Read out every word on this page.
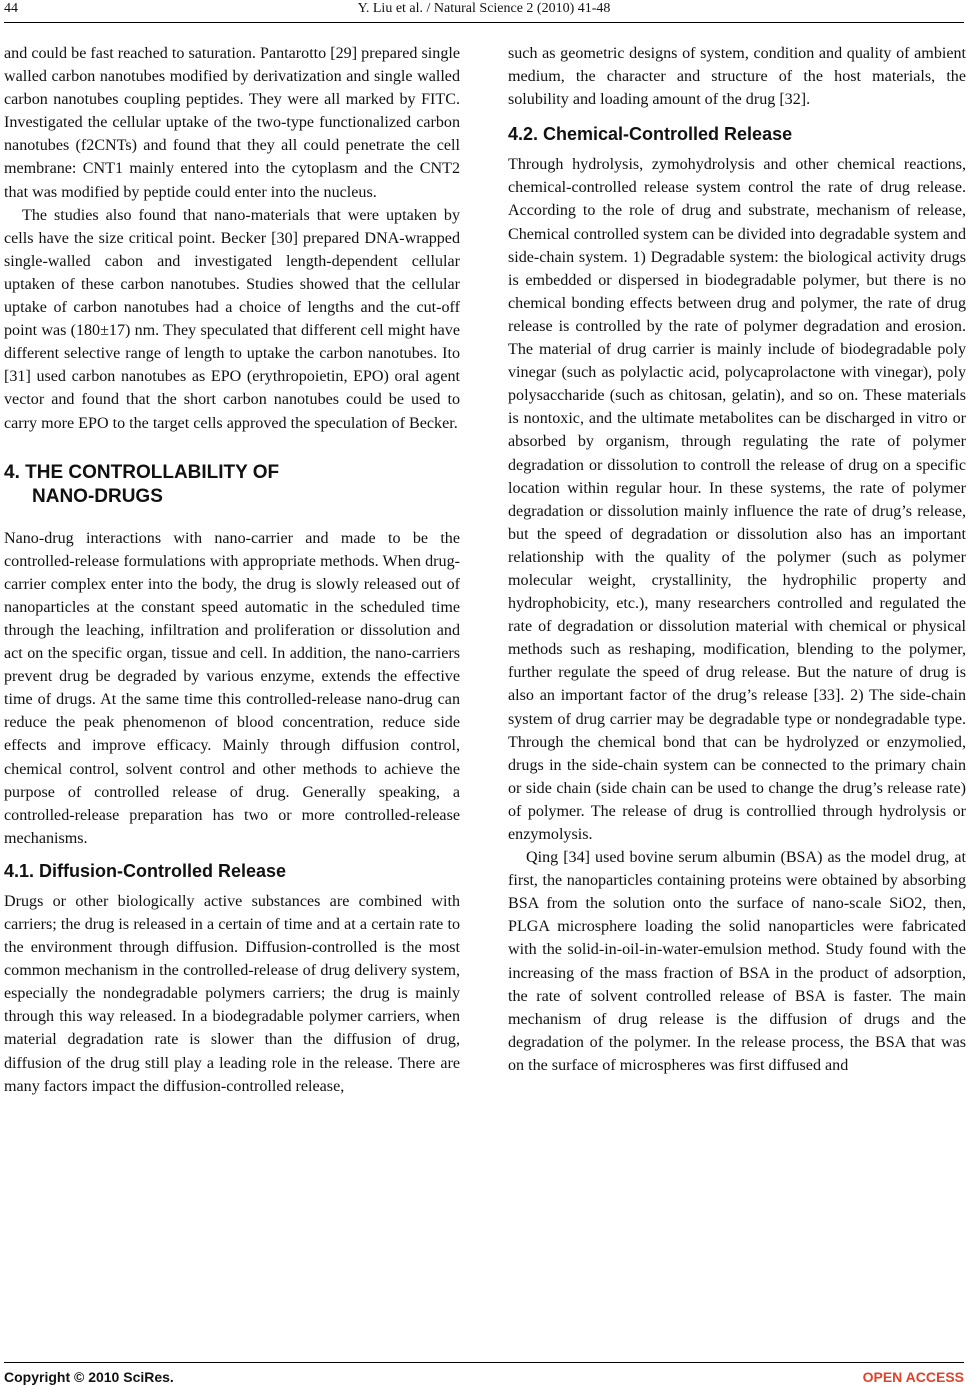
44	Y. Liu et al. / Natural Science 2 (2010) 41-48

and could be fast reached to saturation. Pantarotto [29] prepared single walled carbon nanotubes modified by derivatization and single walled carbon nanotubes coupling peptides. They were all marked by FITC. Investigated the cellular uptake of the two-type functionalized carbon nanotubes (f2CNTs) and found that they all could penetrate the cell membrane: CNT1 mainly entered into the cytoplasm and the CNT2 that was modified by peptide could enter into the nucleus.

The studies also found that nano-materials that were uptaken by cells have the size critical point. Becker [30] prepared DNA-wrapped single-walled cabon and investigated length-dependent cellular uptaken of these carbon nanotubes. Studies showed that the cellular uptake of carbon nanotubes had a choice of lengths and the cut-off point was (180±17) nm. They speculated that different cell might have different selective range of length to uptake the carbon nanotubes. Ito [31] used carbon nanotubes as EPO (erythropoietin, EPO) oral agent vector and found that the short carbon nanotubes could be used to carry more EPO to the target cells approved the speculation of Becker.

4. THE CONTROLLABILITY OF
NANO-DRUGS

Nano-drug interactions with nano-carrier and made to be the controlled-release formulations with appropriate methods. When drug-carrier complex enter into the body, the drug is slowly released out of nanoparticles at the constant speed automatic in the scheduled time through the leaching, infiltration and proliferation or dissolution and act on the specific organ, tissue and cell. In addition, the nano-carriers prevent drug be degraded by various enzyme, extends the effective time of drugs. At the same time this controlled-release nano-drug can reduce the peak phenomenon of blood concentration, reduce side effects and improve efficacy. Mainly through diffusion control, chemical control, solvent control and other methods to achieve the purpose of controlled release of drug. Generally speaking, a controlled-release preparation has two or more controlled-release mechanisms.

4.1. Diffusion-Controlled Release

Drugs or other biologically active substances are combined with carriers; the drug is released in a certain of time and at a certain rate to the environment through diffusion. Diffusion-controlled is the most common mechanism in the controlled-release of drug delivery system, especially the nondegradable polymers carriers; the drug is mainly through this way released. In a biodegradable polymer carriers, when material degradation rate is slower than the diffusion of drug, diffusion of the drug still play a leading role in the release. There are many factors impact the diffusion-controlled release,

such as geometric designs of system, condition and quality of ambient medium, the character and structure of the host materials, the solubility and loading amount of the drug [32].

4.2. Chemical-Controlled Release

Through hydrolysis, zymohydrolysis and other chemical reactions, chemical-controlled release system control the rate of drug release. According to the role of drug and substrate, mechanism of release, Chemical controlled system can be divided into degradable system and side-chain system. 1) Degradable system: the biological activity drugs is embedded or dispersed in biodegradable polymer, but there is no chemical bonding effects between drug and polymer, the rate of drug release is controlled by the rate of polymer degradation and erosion. The material of drug carrier is mainly include of biodegradable poly vinegar (such as polylactic acid, polycaprolactone with vinegar), poly polysaccharide (such as chitosan, gelatin), and so on. These materials is nontoxic, and the ultimate metabolites can be discharged in vitro or absorbed by organism, through regulating the rate of polymer degradation or dissolution to controll the release of drug on a specific location within regular hour. In these systems, the rate of polymer degradation or dissolution mainly influence the rate of drug’s release, but the speed of degradation or dissolution also has an important relationship with the quality of the polymer (such as polymer molecular weight, crystallinity, the hydrophilic property and hydrophobicity, etc.), many researchers controlled and regulated the rate of degradation or dissolution material with chemical or physical methods such as reshaping, modification, blending to the polymer, further regulate the speed of drug release. But the nature of drug is also an important factor of the drug’s release [33]. 2) The side-chain system of drug carrier may be degradable type or nondegradable type. Through the chemical bond that can be hydrolyzed or enzymolied, drugs in the side-chain system can be connected to the primary chain or side chain (side chain can be used to change the drug’s release rate) of polymer. The release of drug is controllied through hydrolysis or enzymolysis.

Qing [34] used bovine serum albumin (BSA) as the model drug, at first, the nanoparticles containing proteins were obtained by absorbing BSA from the solution onto the surface of nano-scale SiO2, then, PLGA microsphere loading the solid nanoparticles were fabricated with the solid-in-oil-in-water-emulsion method. Study found with the increasing of the mass fraction of BSA in the product of adsorption, the rate of solvent controlled release of BSA is faster. The main mechanism of drug release is the diffusion of drugs and the degradation of the polymer. In the release process, the BSA that was on the surface of microspheres was first diffused and

Copyright © 2010 SciRes.	OPEN ACCESS
